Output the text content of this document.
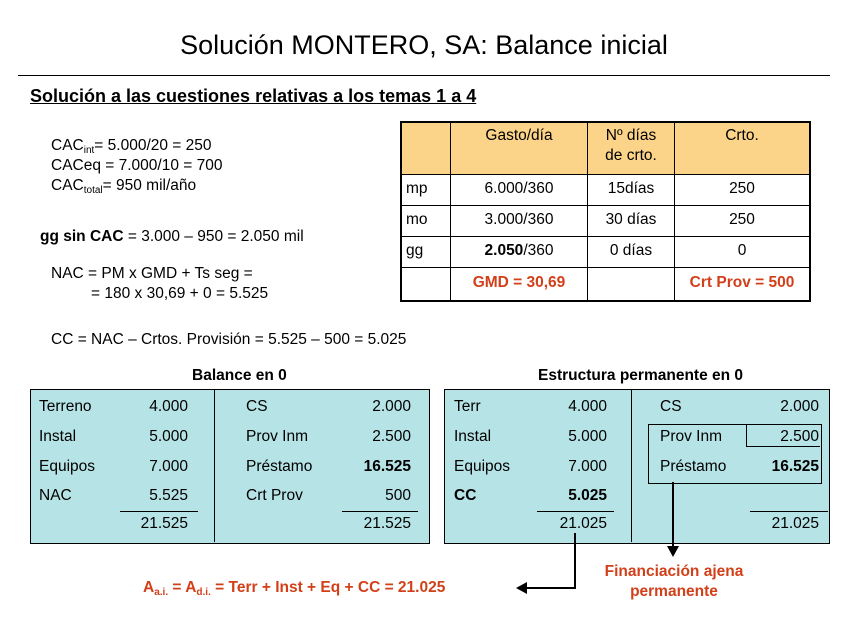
Solución MONTERO, SA: Balance inicial
Solución a las cuestiones relativas a los temas 1 a 4
$CAC_{int}= 5.000/20 = 250$
CACeq = 7.000/10 = 700
$CAC_{total}= 950$ mil/año
gg sin CAC = 3.000 – 950 = 2.050 mil
NAC = PM x GMD + Ts seg =
= 180 x 30,69 + 0 = 5.525
CC = NAC – Crtos. Provisión = 5.525 – 500 = 5.025
	Gasto/día	Nº días
de crto.	Crto.
mp	6.000/360	15días	250
mo	3.000/360	30 días	250
gg	2.050/360	0 días	0
	GMD = 30,69		Crt Prov = 500
Balance en 0
Terreno	4.000
Instal	5.000
Equipos	7.000
NAC	5.525
21.525
CS	2.000
Prov Inm	2.500
Préstamo	16.525
Crt Prov	500
21.525
Estructura permanente en 0
Terr	4.000
Instal	5.000
Equipos	7.000
CC	5.025
21.025
CS	2.000
Prov Inm	2.500
Préstamo	16.525
21.025
$A_{a.i.} = A_{d.i.}$ = Terr + Inst + Eq + CC = 21.025
Financiación ajena
permanente
